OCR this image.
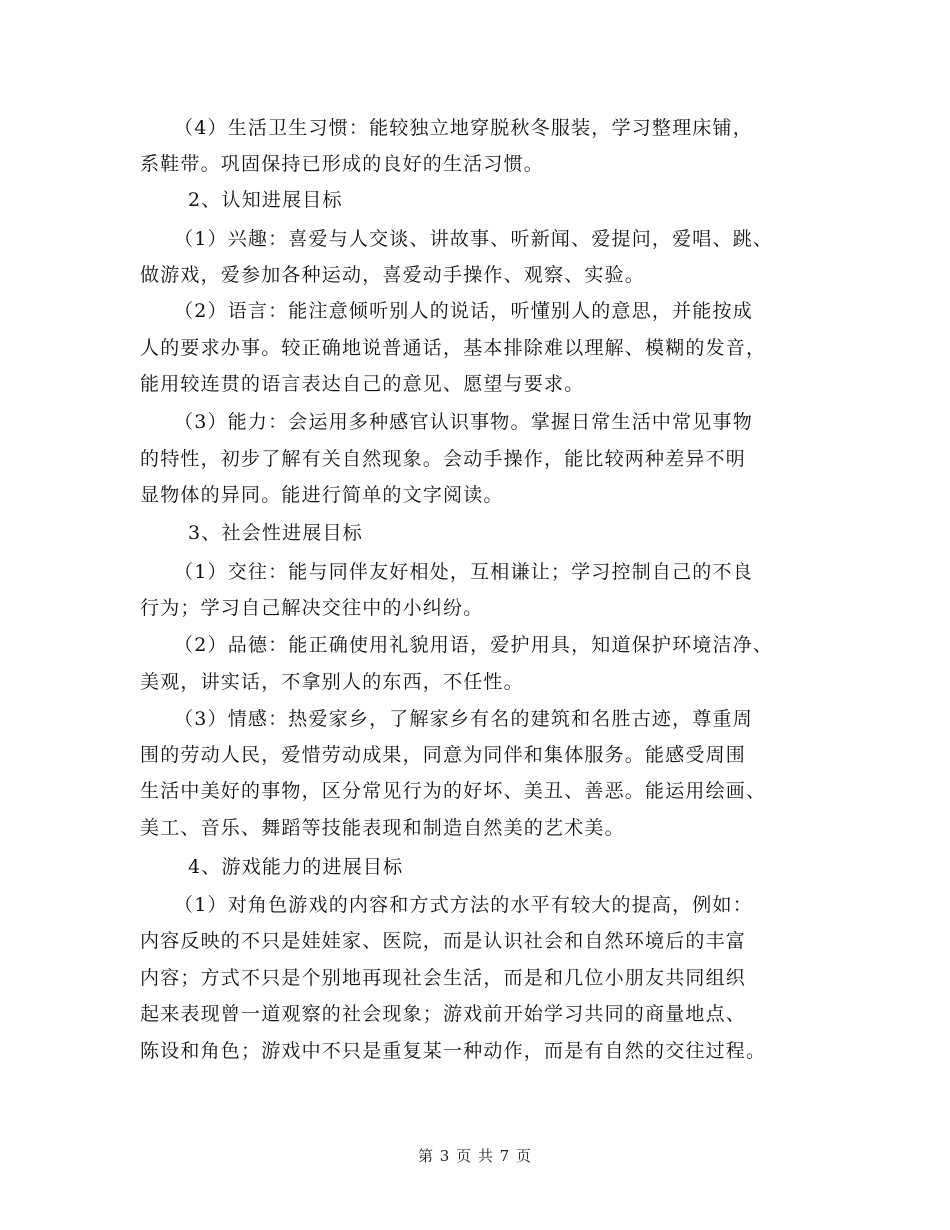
（4）生活卫生习惯：能较独立地穿脱秋冬服装，学习整理床铺，
系鞋带。巩固保持已形成的良好的生活习惯。
2、认知进展目标
（1）兴趣：喜爱与人交谈、讲故事、听新闻、爱提问，爱唱、跳、
做游戏，爱参加各种运动，喜爱动手操作、观察、实验。
（2）语言：能注意倾听别人的说话，听懂别人的意思，并能按成
人的要求办事。较正确地说普通话，基本排除难以理解、模糊的发音，
能用较连贯的语言表达自己的意见、愿望与要求。
（3）能力：会运用多种感官认识事物。掌握日常生活中常见事物
的特性，初步了解有关自然现象。会动手操作，能比较两种差异不明
显物体的异同。能进行简单的文字阅读。
3、社会性进展目标
（1）交往：能与同伴友好相处，互相谦让；学习控制自己的不良
行为；学习自己解决交往中的小纠纷。
（2）品德：能正确使用礼貌用语，爱护用具，知道保护环境洁净、
美观，讲实话，不拿别人的东西，不任性。
（3）情感：热爱家乡，了解家乡有名的建筑和名胜古迹，尊重周
围的劳动人民，爱惜劳动成果，同意为同伴和集体服务。能感受周围
生活中美好的事物，区分常见行为的好坏、美丑、善恶。能运用绘画、
美工、音乐、舞蹈等技能表现和制造自然美的艺术美。
4、游戏能力的进展目标
（1）对角色游戏的内容和方式方法的水平有较大的提高，例如：
内容反映的不只是娃娃家、医院，而是认识社会和自然环境后的丰富
内容；方式不只是个别地再现社会生活，而是和几位小朋友共同组织
起来表现曾一道观察的社会现象；游戏前开始学习共同的商量地点、
陈设和角色；游戏中不只是重复某一种动作，而是有自然的交往过程。
第 3 页 共 7 页
